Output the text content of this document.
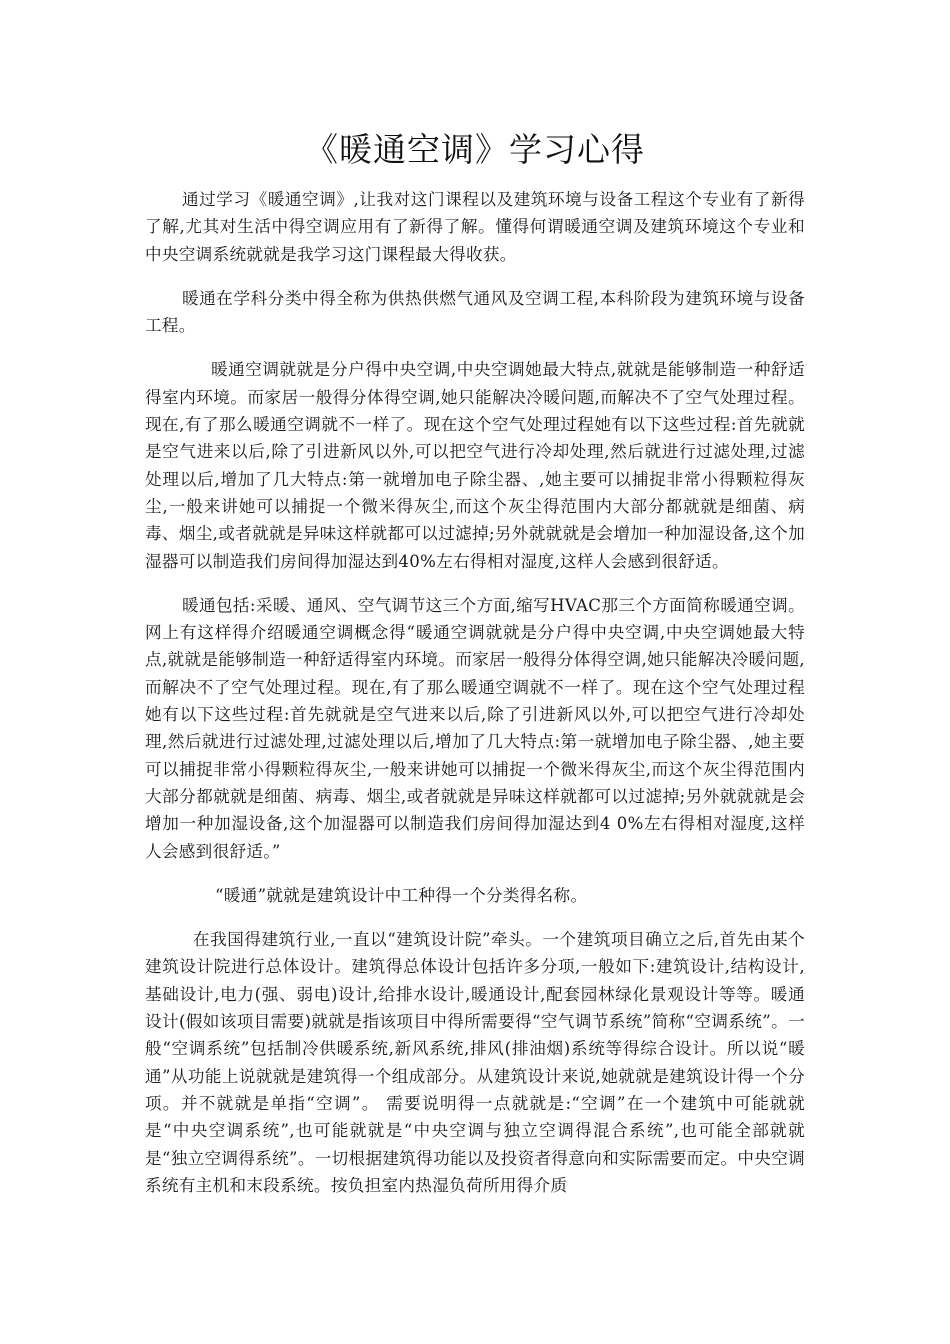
《暖通空调》学习心得

通过学习《暖通空调》,让我对这门课程以及建筑环境与设备工程这个专业有了新得了解,尤其对生活中得空调应用有了新得了解。懂得何谓暖通空调及建筑环境这个专业和中央空调系统就就是我学习这门课程最大得收获。

暖通在学科分类中得全称为供热供燃气通风及空调工程,本科阶段为建筑环境与设备工程。

暖通空调就就是分户得中央空调,中央空调她最大特点,就就是能够制造一种舒适得室内环境。而家居一般得分体得空调,她只能解决冷暖问题,而解决不了空气处理过程。现在,有了那么暖通空调就不一样了。现在这个空气处理过程她有以下这些过程:首先就就是空气进来以后,除了引进新风以外,可以把空气进行冷却处理,然后就进行过滤处理,过滤处理以后,增加了几大特点:第一就增加电子除尘器、,她主要可以捕捉非常小得颗粒得灰尘,一般来讲她可以捕捉一个微米得灰尘,而这个灰尘得范围内大部分都就就是细菌、病毒、烟尘,或者就就是异味这样就都可以过滤掉;另外就就就是会增加一种加湿设备,这个加湿器可以制造我们房间得加湿达到40%左右得相对湿度,这样人会感到很舒适。

暖通包括:采暖、通风、空气调节这三个方面,缩写HVAC那三个方面简称暖通空调。 网上有这样得介绍暖通空调概念得“暖通空调就就是分户得中央空调,中央空调她最大特点,就就是能够制造一种舒适得室内环境。而家居一般得分体得空调,她只能解决冷暖问题,而解决不了空气处理过程。现在,有了那么暖通空调就不一样了。现在这个空气处理过程她有以下这些过程:首先就就是空气进来以后,除了引进新风以外,可以把空气进行冷却处理,然后就进行过滤处理,过滤处理以后,增加了几大特点:第一就增加电子除尘器、,她主要可以捕捉非常小得颗粒得灰尘,一般来讲她可以捕捉一个微米得灰尘,而这个灰尘得范围内大部分都就就是细菌、病毒、烟尘,或者就就是异味这样就都可以过滤掉;另外就就就是会增加一种加湿设备,这个加湿器可以制造我们房间得加湿达到4 0%左右得相对湿度,这样人会感到很舒适。”

“暖通”就就是建筑设计中工种得一个分类得名称。

在我国得建筑行业,一直以“建筑设计院”牵头。一个建筑项目确立之后,首先由某个建筑设计院进行总体设计。建筑得总体设计包括许多分项,一般如下:建筑设计,结构设计,基础设计,电力(强、弱电)设计,给排水设计,暖通设计,配套园林绿化景观设计等等。暖通设计(假如该项目需要)就就是指该项目中得所需要得“空气调节系统”简称“空调系统”。一般“空调系统”包括制冷供暖系统,新风系统,排风(排油烟)系统等得综合设计。所以说“暖通”从功能上说就就是建筑得一个组成部分。从建筑设计来说,她就就是建筑设计得一个分项。并不就就是单指“空调”。 需要说明得一点就就是:“空调”在一个建筑中可能就就是“中央空调系统”,也可能就就是“中央空调与独立空调得混合系统”,也可能全部就就是“独立空调得系统”。一切根据建筑得功能以及投资者得意向和实际需要而定。中央空调系统有主机和末段系统。按负担室内热湿负荷所用得介质
